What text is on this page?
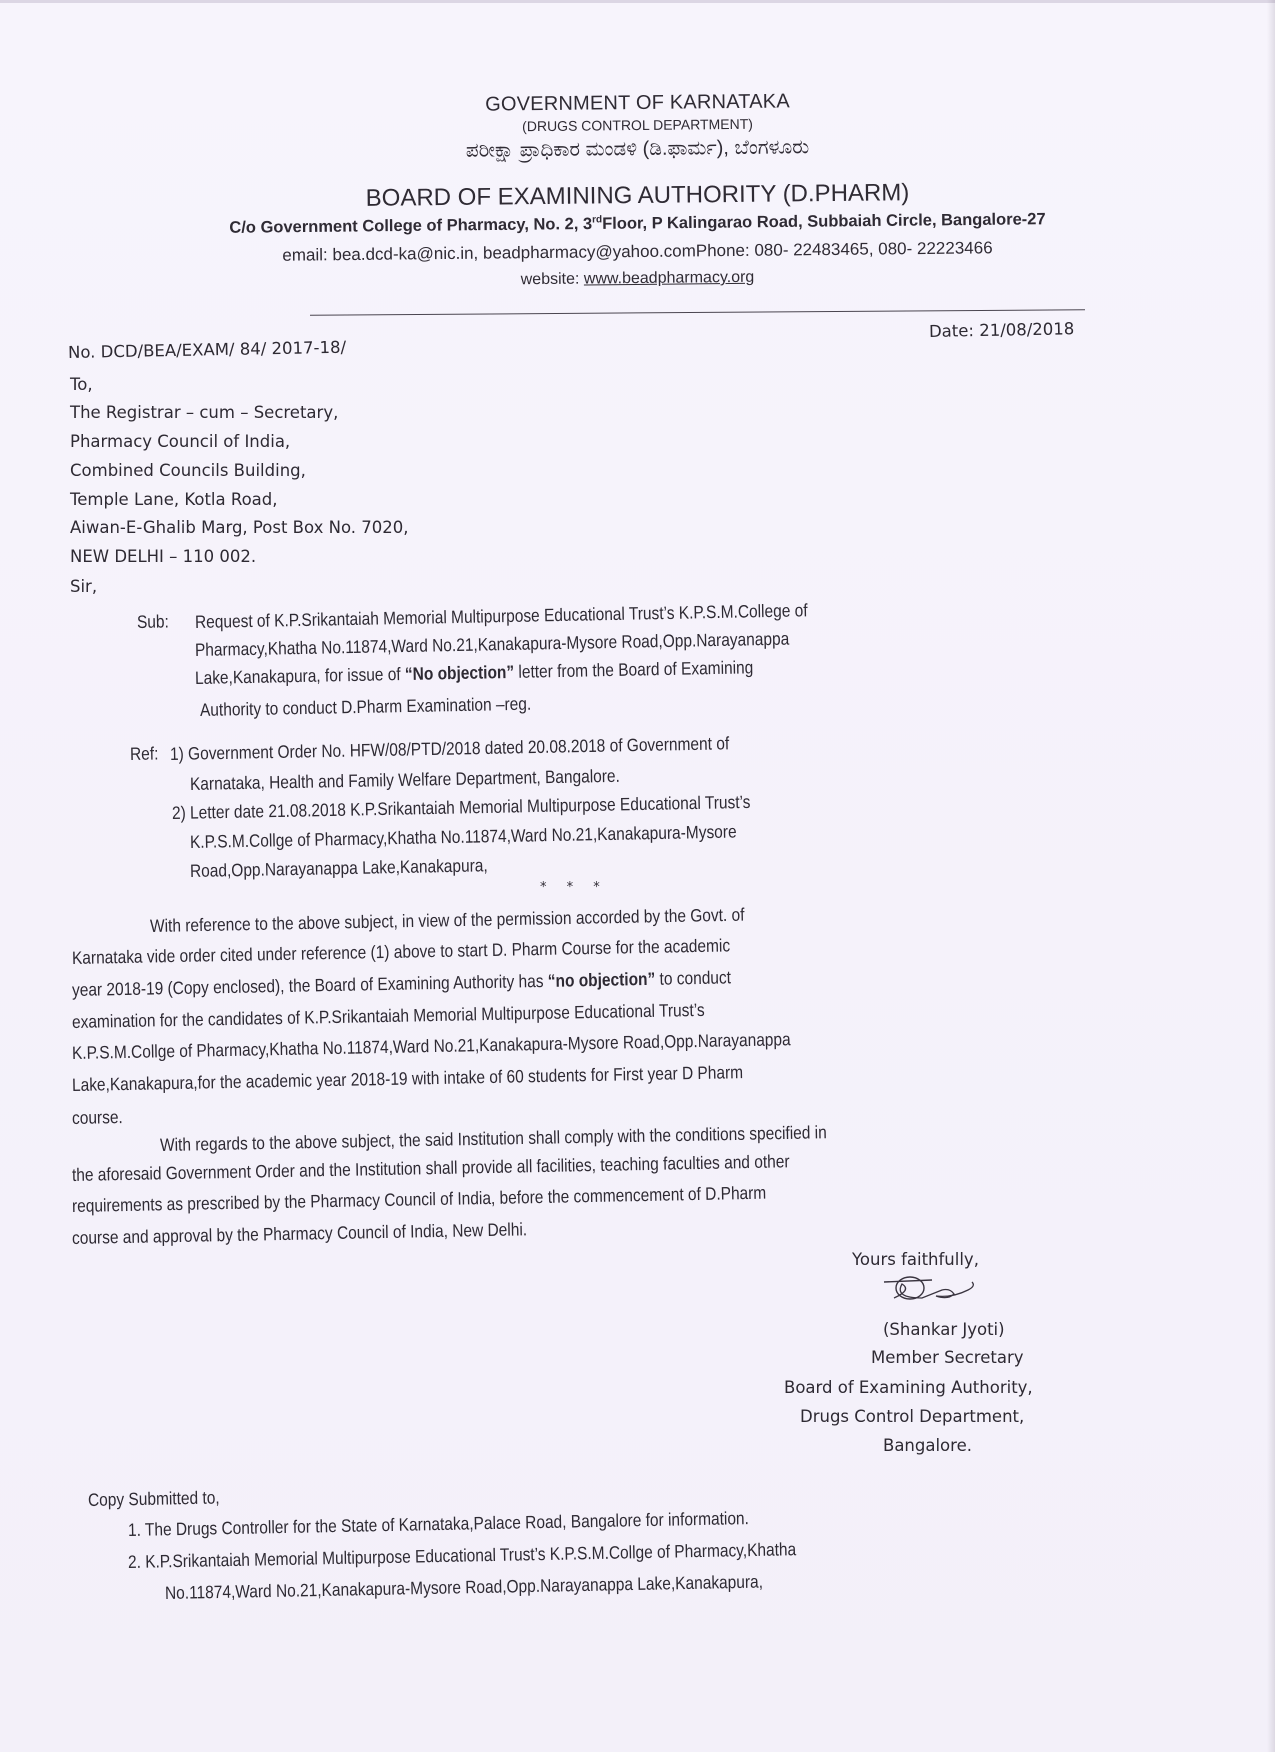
GOVERNMENT OF KARNATAKA
(DRUGS CONTROL DEPARTMENT)
ಪರೀಕ್ಷಾ ಪ್ರಾಧಿಕಾರ ಮಂಡಳಿ (ಡಿ.ಫಾರ್ಮ), ಬೆಂಗಳೂರು
BOARD OF EXAMINING AUTHORITY (D.PHARM)
C/o Government College of Pharmacy, No. 2, 3rdFloor, P Kalingarao Road, Subbaiah Circle, Bangalore-27
email: bea.dcd-ka@nic.in, beadpharmacy@yahoo.comPhone: 080- 22483465, 080- 22223466
website: www.beadpharmacy.org
No. DCD/BEA/EXAM/ 84/ 2017-18/
Date: 21/08/2018
To,
The Registrar – cum – Secretary,
Pharmacy Council of India,
Combined Councils Building,
Temple Lane, Kotla Road,
Aiwan-E-Ghalib Marg, Post Box No. 7020,
NEW DELHI – 110 002.
Sir,
Sub: Request of K.P.Srikantaiah Memorial Multipurpose Educational Trust’s K.P.S.M.College of
Pharmacy,Khatha No.11874,Ward No.21,Kanakapura-Mysore Road,Opp.Narayanappa
Lake,Kanakapura, for issue of “No objection” letter from the Board of Examining
Authority to conduct D.Pharm Examination –reg.
Ref: 1) Government Order No. HFW/08/PTD/2018 dated 20.08.2018 of Government of
Karnataka, Health and Family Welfare Department, Bangalore.
2) Letter date 21.08.2018 K.P.Srikantaiah Memorial Multipurpose Educational Trust’s
K.P.S.M.Collge of Pharmacy,Khatha No.11874,Ward No.21,Kanakapura-Mysore
Road,Opp.Narayanappa Lake,Kanakapura,
* * *
With reference to the above subject, in view of the permission accorded by the Govt. of
Karnataka vide order cited under reference (1) above to start D. Pharm Course for the academic
year 2018-19 (Copy enclosed), the Board of Examining Authority has “no objection” to conduct
examination for the candidates of K.P.Srikantaiah Memorial Multipurpose Educational Trust’s
K.P.S.M.Collge of Pharmacy,Khatha No.11874,Ward No.21,Kanakapura-Mysore Road,Opp.Narayanappa
Lake,Kanakapura,for the academic year 2018-19 with intake of 60 students for First year D Pharm
course.
With regards to the above subject, the said Institution shall comply with the conditions specified in
the aforesaid Government Order and the Institution shall provide all facilities, teaching faculties and other
requirements as prescribed by the Pharmacy Council of India, before the commencement of D.Pharm
course and approval by the Pharmacy Council of India, New Delhi.
Yours faithfully,
(Shankar Jyoti)
Member Secretary
Board of Examining Authority,
Drugs Control Department,
Bangalore.
Copy Submitted to,
1. The Drugs Controller for the State of Karnataka,Palace Road, Bangalore for information.
2. K.P.Srikantaiah Memorial Multipurpose Educational Trust’s K.P.S.M.Collge of Pharmacy,Khatha
No.11874,Ward No.21,Kanakapura-Mysore Road,Opp.Narayanappa Lake,Kanakapura,
